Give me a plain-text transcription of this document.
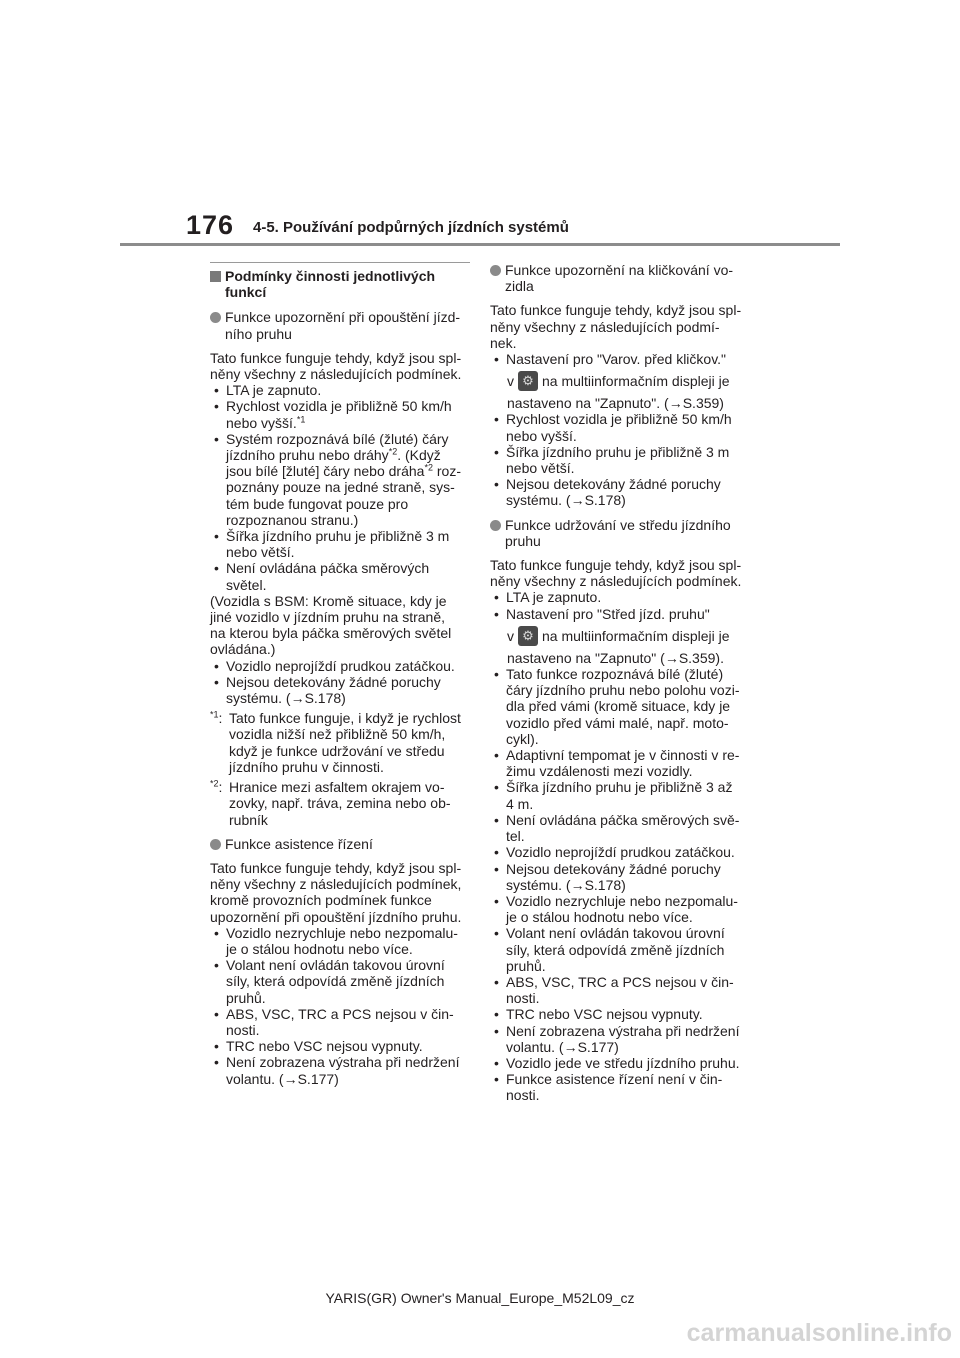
176 4-5. Používání podpůrných jízdních systémů
Podmínky činnosti jednotlivých
funkcí
Funkce upozornění při opouštění jízd-
ního pruhu

Tato funkce funguje tehdy, když jsou spl-
něny všechny z následujících podmínek.

• LTA je zapnuto.
• Rychlost vozidla je přibližně 50 km/h
nebo vyšší.$^{*1}$
• Systém rozpoznává bílé (žluté) čáry
jízdního pruhu nebo dráhy$^{*2}$. (Když
jsou bílé [žluté] čáry nebo dráha$^{*2}$ roz-
poznány pouze na jedné straně, sys-
tém bude fungovat pouze pro
rozpoznanou stranu.)
• Šířka jízdního pruhu je přibližně 3 m
nebo větší.
• Není ovládána páčka směrových světel.

(Vozidla s BSM: Kromě situace, kdy je
jiné vozidlo v jízdním pruhu na straně,
na kterou byla páčka směrových světel
ovládána.)

• Vozidlo neprojíždí prudkou zatáčkou.
• Nejsou detekovány žádné poruchy
systému. (→S.178)
$^{*1}$: Tato funkce funguje, i když je rychlost
vozidla nižší než přibližně 50 km/h,
když je funkce udržování ve středu
jízdního pruhu v činnosti.
$^{*2}$: Hranice mezi asfaltem okrajem vo-
zovky, např. tráva, zemina nebo ob-
rubník
Funkce asistence řízení

Tato funkce funguje tehdy, když jsou spl-
něny všechny z následujících podmínek,
kromě provozních podmínek funkce
upozornění při opouštění jízdního pruhu.

• Vozidlo nezrychluje nebo nezpomalu-
je o stálou hodnotu nebo více.
• Volant není ovládán takovou úrovní
síly, která odpovídá změně jízdních
pruhů.
• ABS, VSC, TRC a PCS nejsou v čin-
nosti.
• TRC nebo VSC nejsou vypnuty.
• Není zobrazena výstraha při nedržení
volantu. (→S.177)
Funkce upozornění na kličkování vo-
zidla

Tato funkce funguje tehdy, když jsou spl-
něny všechny z následujících podmí-
nek.

• Nastavení pro "Varov. před kličkov."
v ⚙ na multiinformačním displeji je

nastaveno na "Zapnuto". (→S.359)

• Rychlost vozidla je přibližně 50 km/h
nebo vyšší.
• Šířka jízdního pruhu je přibližně 3 m
nebo větší.
• Nejsou detekovány žádné poruchy
systému. (→S.178)
Funkce udržování ve středu jízdního
pruhu

Tato funkce funguje tehdy, když jsou spl-
něny všechny z následujících podmínek.

• LTA je zapnuto.
• Nastavení pro "Střed jízd. pruhu"
v ⚙ na multiinformačním displeji je

nastaveno na "Zapnuto" (→S.359).

• Tato funkce rozpoznává bílé (žluté)
čáry jízdního pruhu nebo polohu vozi-
dla před vámi (kromě situace, kdy je
vozidlo před vámi malé, např. moto-
cykl).
• Adaptivní tempomat je v činnosti v re-
žimu vzdálenosti mezi vozidly.
• Šířka jízdního pruhu je přibližně 3 až
4 m.
• Není ovládána páčka směrových svě-
tel.
• Vozidlo neprojíždí prudkou zatáčkou.
• Nejsou detekovány žádné poruchy
systému. (→S.178)
• Vozidlo nezrychluje nebo nezpomalu-
je o stálou hodnotu nebo více.
• Volant není ovládán takovou úrovní
síly, která odpovídá změně jízdních
pruhů.
• ABS, VSC, TRC a PCS nejsou v čin-
nosti.
• TRC nebo VSC nejsou vypnuty.
• Není zobrazena výstraha při nedržení
volantu. (→S.177)
• Vozidlo jede ve středu jízdního pruhu.
• Funkce asistence řízení není v čin-
nosti.
YARIS(GR) Owner's Manual_Europe_M52L09_cz
carmanualsonline.info
